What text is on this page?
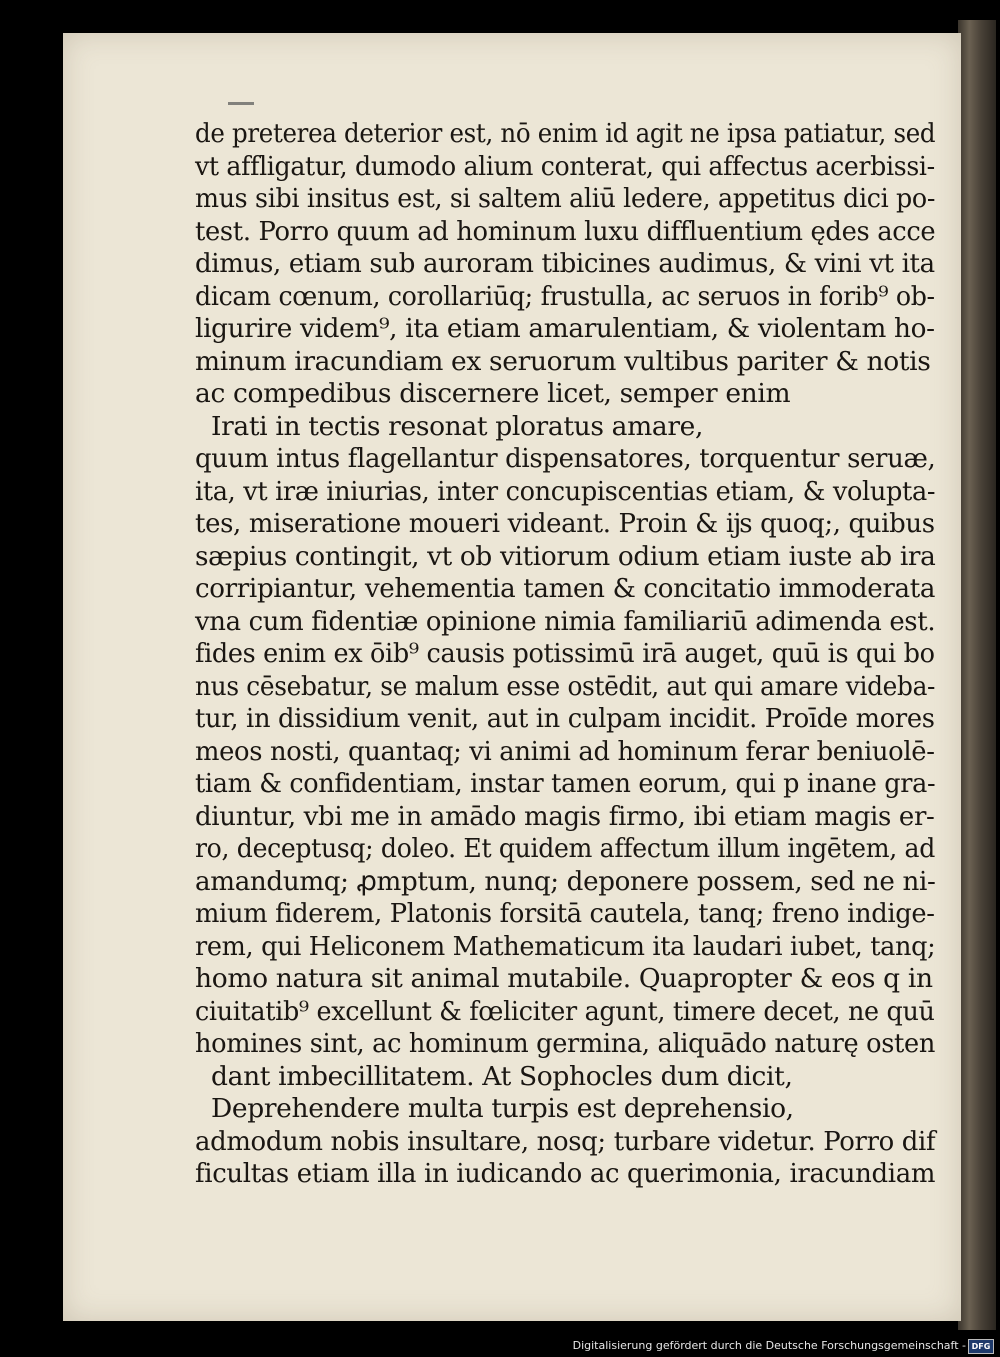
de preterea deterior est, nō enim id agit ne ipsa patiatur, sed
vt affligatur, dumodo alium conterat, qui affectus acerbissi-
mus sibi insitus est, si saltem aliū ledere, appetitus dici po-
test. Porro quum ad hominum luxu diffluentium ędes acce
dimus, etiam sub auroram tibicines audimus, & vini vt ita
dicam cœnum, corollariūq; frustulla, ac seruos in forib⁹ ob-
ligurire videm⁹, ita etiam amarulentiam, & violentam ho-
minum iracundiam ex seruorum vultibus pariter & notis
ac compedibus discernere licet, semper enim
Irati in tectis resonat ploratus amare,
quum intus flagellantur dispensatores, torquentur seruæ,
ita, vt iræ iniurias, inter concupiscentias etiam, & volupta-
tes, miseratione moueri videant. Proin & ĳs quoq;, quibus
sæpius contingit, vt ob vitiorum odium etiam iuste ab ira
corripiantur, vehementia tamen & concitatio immoderata
vna cum fidentiæ opinione nimia familiariū adimenda est.
fides enim ex ōib⁹ causis potissimū irā auget, quū is qui bo
nus cēsebatur, se malum esse ostēdit, aut qui amare videba-
tur, in dissidium venit, aut in culpam incidit. Proīde mores
meos nosti, quantaq; vi animi ad hominum ferar beniuolē-
tiam & confidentiam, instar tamen eorum, qui p inane gra-
diuntur, vbi me in amādo magis firmo, ibi etiam magis er-
ro, deceptusq; doleo. Et quidem affectum illum ingētem, ad
amandumq; ꝓmptum, nunq; deponere possem, sed ne ni-
mium fiderem, Platonis forsitā cautela, tanq; freno indige-
rem, qui Heliconem Mathematicum ita laudari iubet, tanq;
homo natura sit animal mutabile. Quapropter & eos q in
ciuitatib⁹ excellunt & fœliciter agunt, timere decet, ne quū
homines sint, ac hominum germina, aliquādo naturę osten
dant imbecillitatem. At Sophocles dum dicit,
Deprehendere multa turpis est deprehensio,
admodum nobis insultare, nosq; turbare videtur. Porro dif
ficultas etiam illa in iudicando ac querimonia, iracundiam
Digitalisierung gefördert durch die Deutsche Forschungsgemeinschaft - DFG
